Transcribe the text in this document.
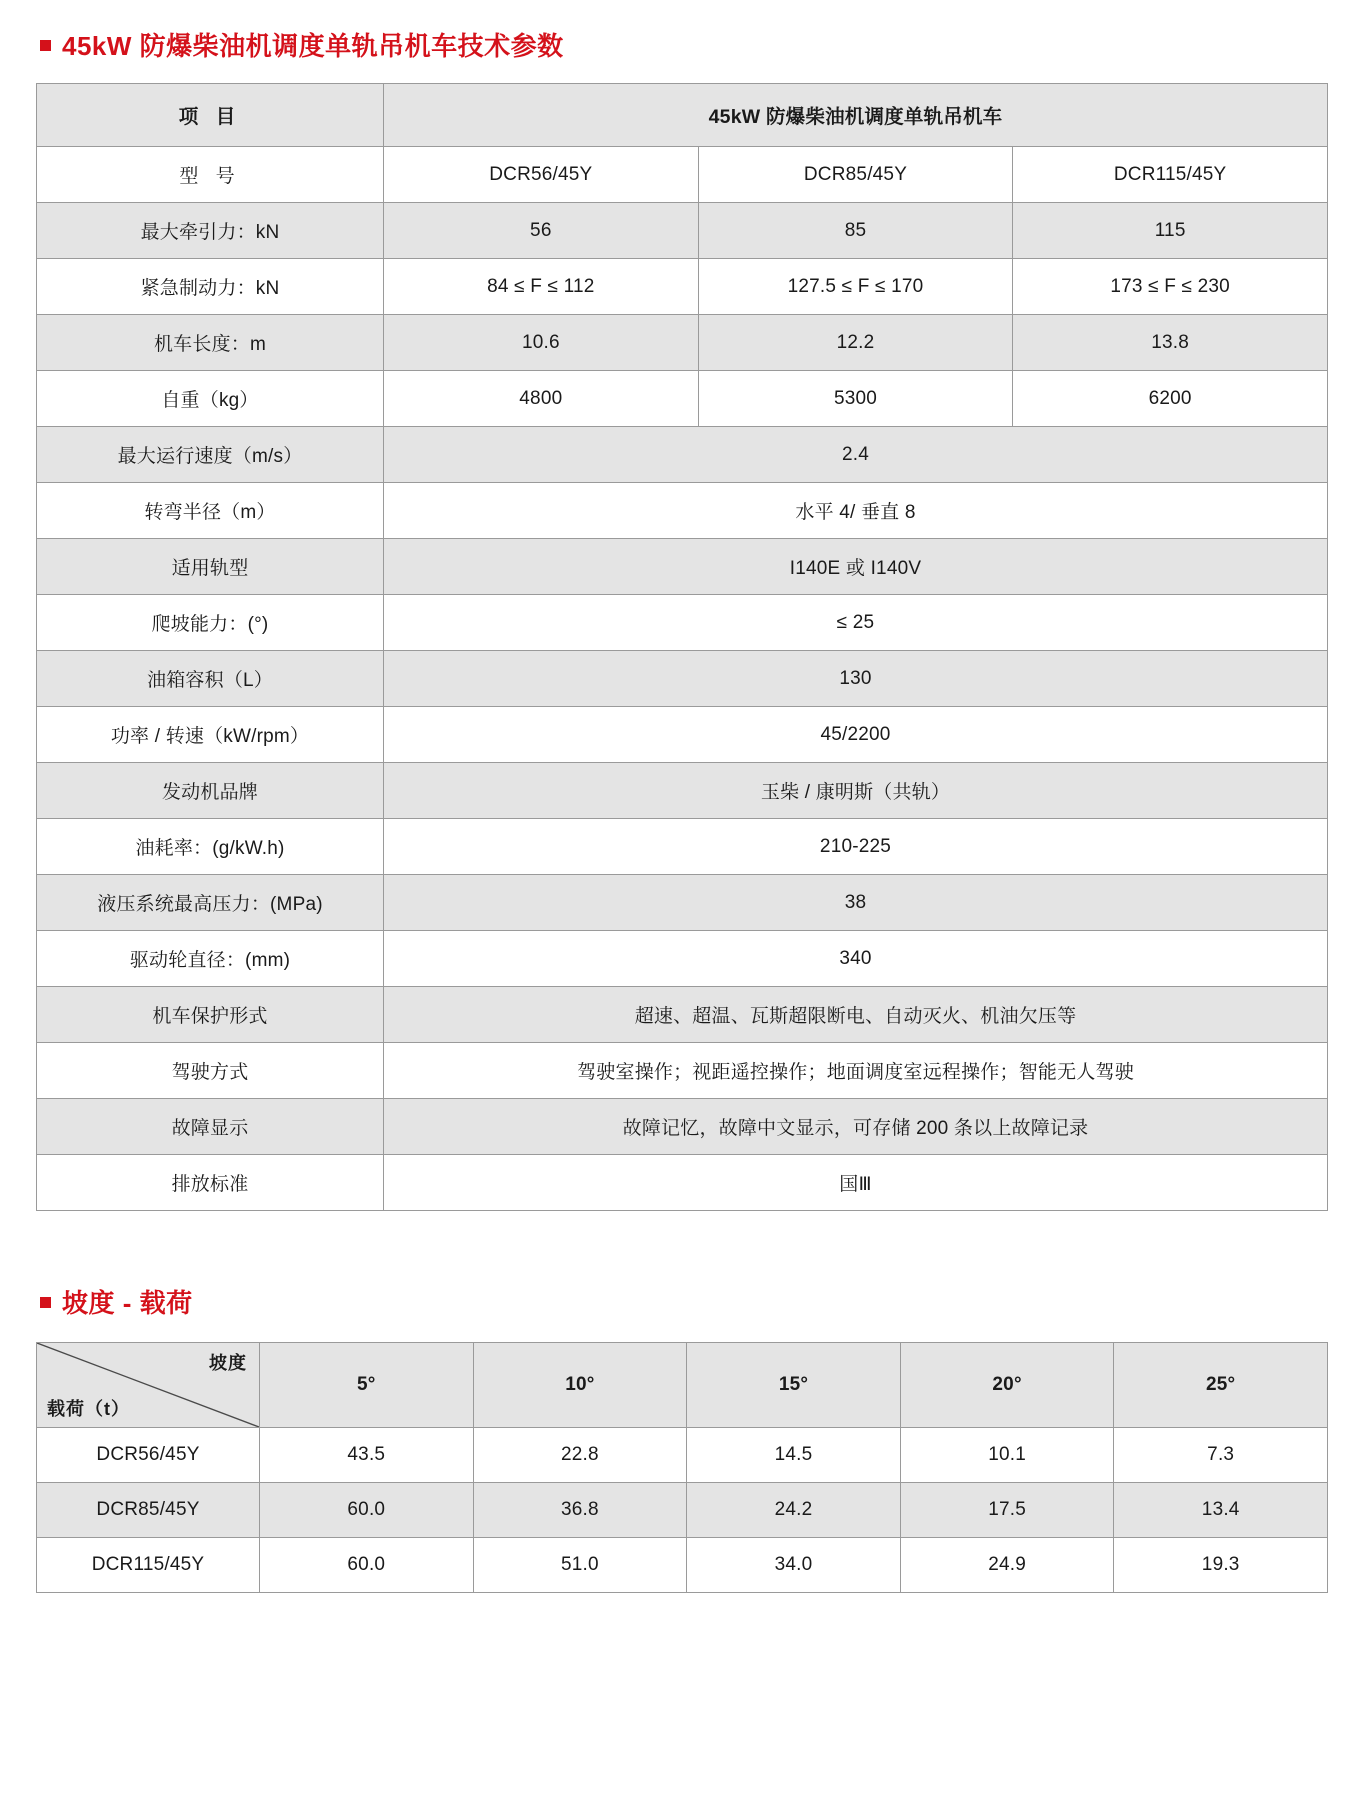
45kW 防爆柴油机调度单轨吊机车技术参数
项 目	45kW 防爆柴油机调度单轨吊机车		
型 号	DCR56/45Y	DCR85/45Y	DCR115/45Y
最大牵引力：kN	56	85	115
紧急制动力：kN	84 ≤ F ≤ 112	127.5 ≤ F ≤ 170	173 ≤ F ≤ 230
机车长度：m	10.6	12.2	13.8
自重（kg）	4800	5300	6200
最大运行速度（m/s）	2.4		
转弯半径（m）	水平 4/ 垂直 8		
适用轨型	I140E 或 I140V		
爬坡能力：(°)	≤ 25		
油箱容积（L）	130		
功率 / 转速（kW/rpm）	45/2200		
发动机品牌	玉柴 / 康明斯（共轨）		
油耗率：(g/kW.h)	210-225		
液压系统最高压力：(MPa)	38		
驱动轮直径：(mm)	340		
机车保护形式	超速、超温、瓦斯超限断电、自动灭火、机油欠压等		
驾驶方式	驾驶室操作；视距遥控操作；地面调度室远程操作；智能无人驾驶		
故障显示	故障记忆，故障中文显示，可存储 200 条以上故障记录		
排放标准	国Ⅲ		
坡度 - 载荷
坡度
载荷（t）	5°	10°	15°	20°	25°
DCR56/45Y	43.5	22.8	14.5	10.1	7.3
DCR85/45Y	60.0	36.8	24.2	17.5	13.4
DCR115/45Y	60.0	51.0	34.0	24.9	19.3
